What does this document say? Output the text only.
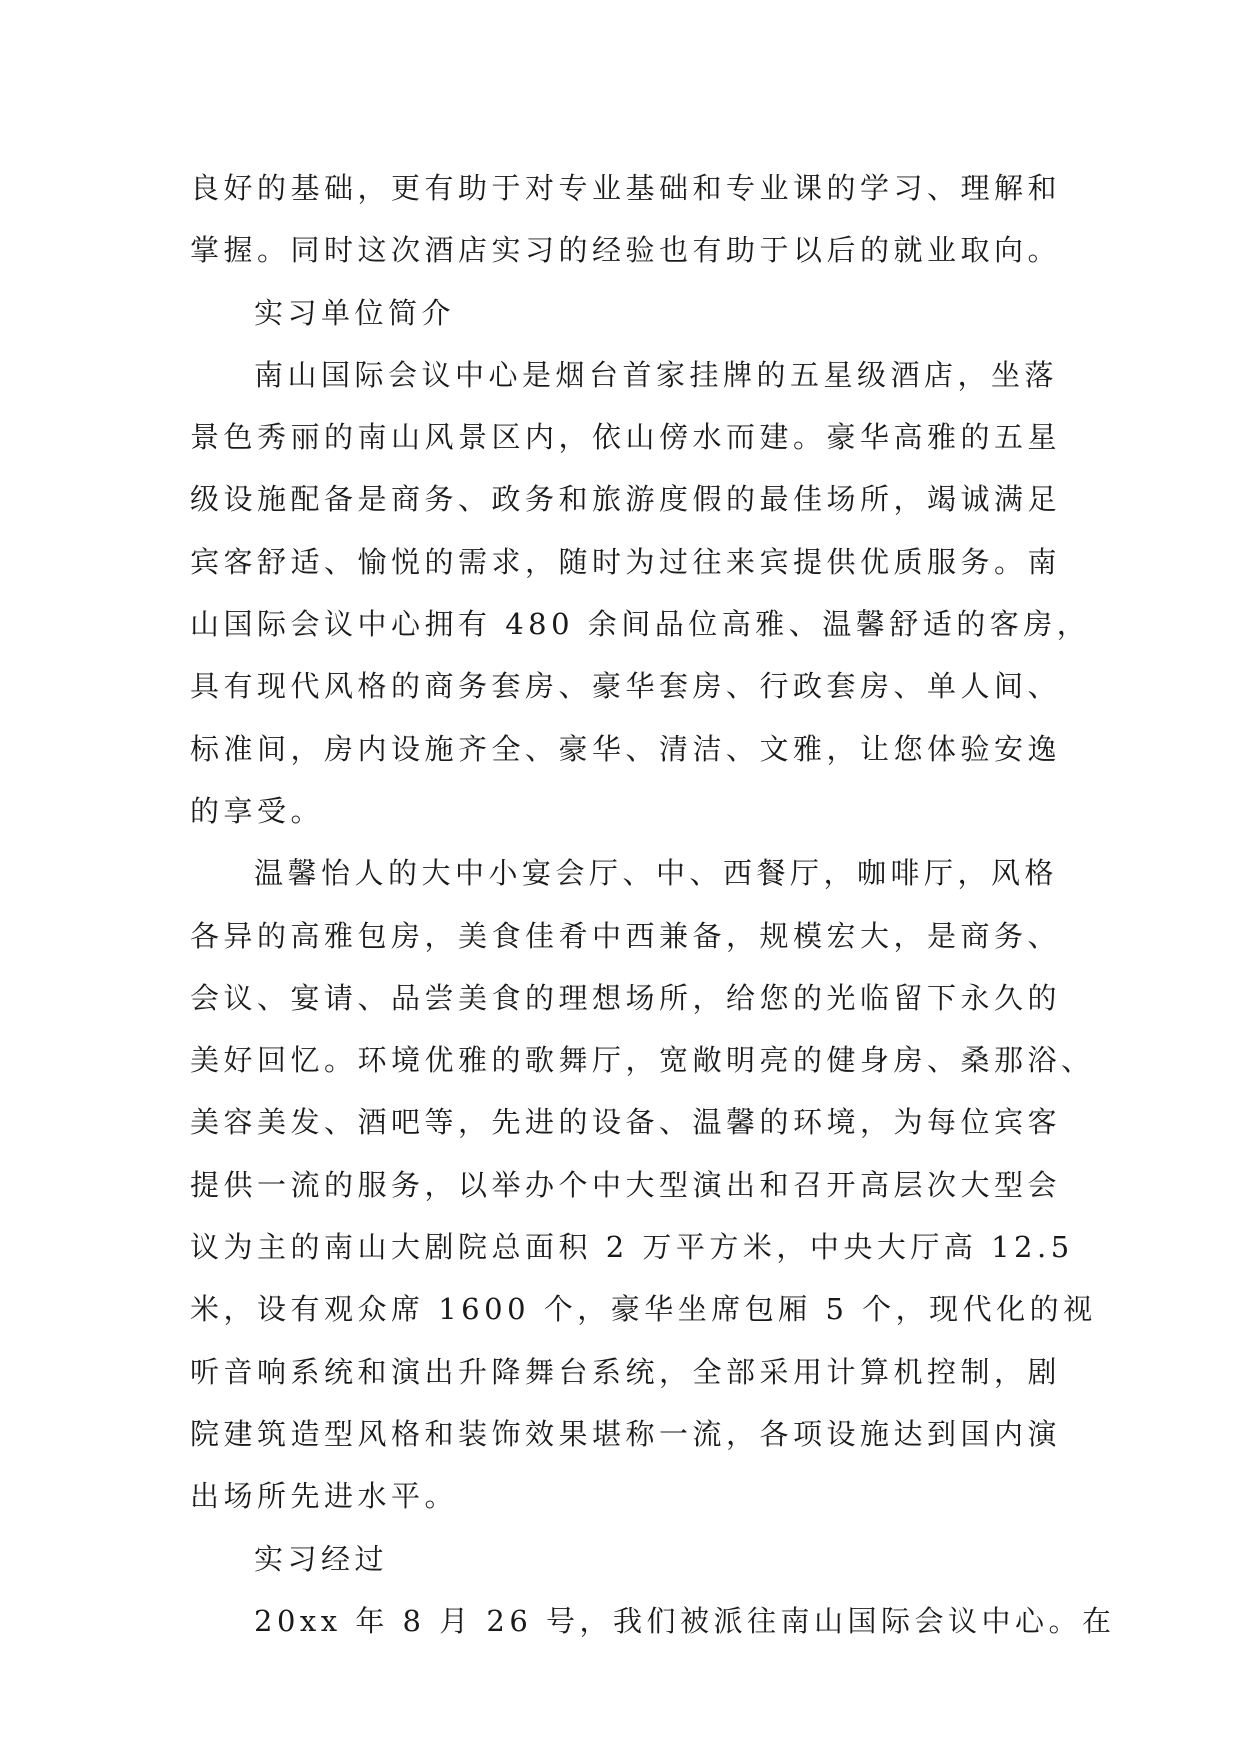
良好的基础，更有助于对专业基础和专业课的学习、理解和
掌握。同时这次酒店实习的经验也有助于以后的就业取向。
实习单位简介
南山国际会议中心是烟台首家挂牌的五星级酒店，坐落
景色秀丽的南山风景区内，依山傍水而建。豪华高雅的五星
级设施配备是商务、政务和旅游度假的最佳场所，竭诚满足
宾客舒适、愉悦的需求，随时为过往来宾提供优质服务。南
山国际会议中心拥有 480 余间品位高雅、温馨舒适的客房，
具有现代风格的商务套房、豪华套房、行政套房、单人间、
标准间，房内设施齐全、豪华、清洁、文雅，让您体验安逸
的享受。
温馨怡人的大中小宴会厅、中、西餐厅，咖啡厅，风格
各异的高雅包房，美食佳肴中西兼备，规模宏大，是商务、
会议、宴请、品尝美食的理想场所，给您的光临留下永久的
美好回忆。环境优雅的歌舞厅，宽敞明亮的健身房、桑那浴、
美容美发、酒吧等，先进的设备、温馨的环境，为每位宾客
提供一流的服务，以举办个中大型演出和召开高层次大型会
议为主的南山大剧院总面积 2 万平方米，中央大厅高 12.5
米，设有观众席 1600 个，豪华坐席包厢 5 个，现代化的视
听音响系统和演出升降舞台系统，全部采用计算机控制，剧
院建筑造型风格和装饰效果堪称一流，各项设施达到国内演
出场所先进水平。
实习经过
20xx 年 8 月 26 号，我们被派往南山国际会议中心。在
